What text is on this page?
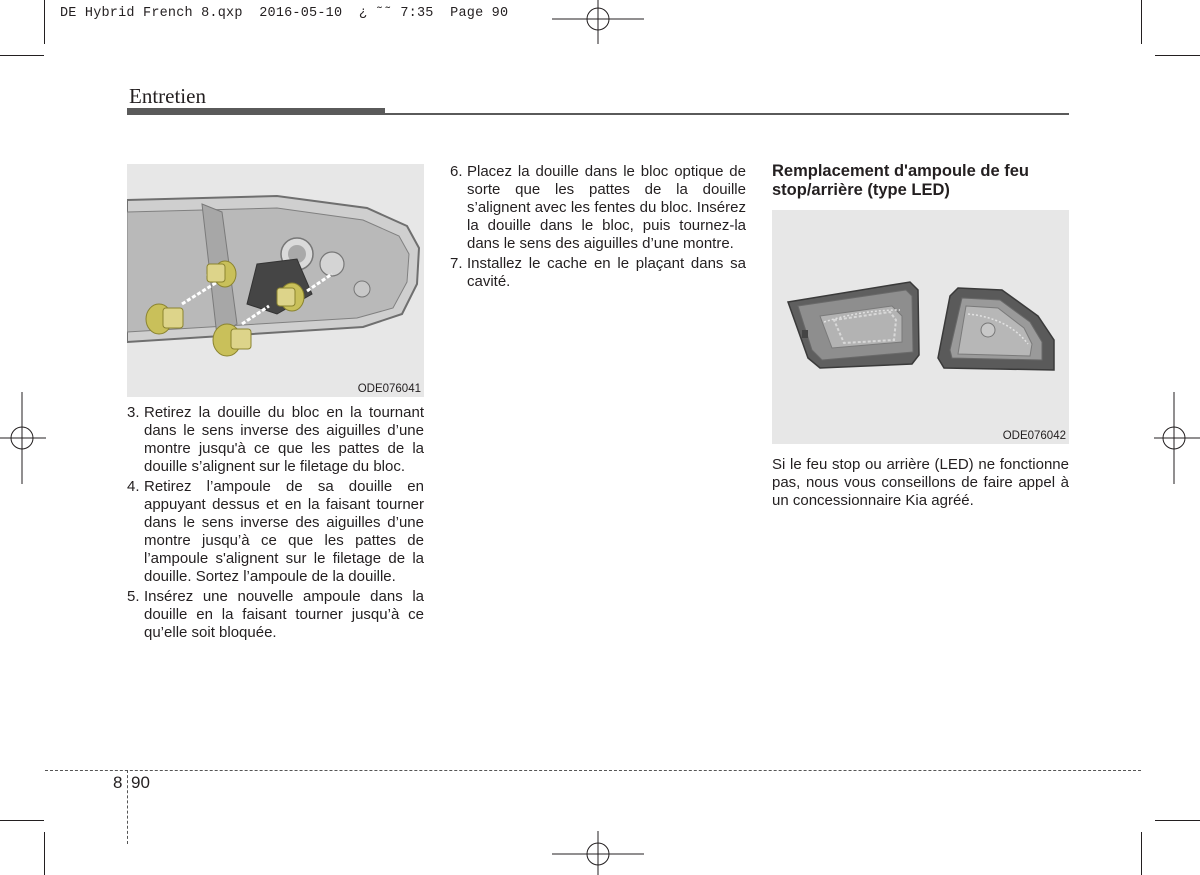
DE Hybrid French 8.qxp  2016-05-10  ¿ ˜˜ 7:35  Page 90
Entretien
ODE076041
3. Retirez la douille du bloc en la tournant dans le sens inverse des aiguilles d’une montre jusqu'à ce que les pattes de la douille s’alignent sur le filetage du bloc.
4. Retirez l’ampoule de sa douille en appuyant dessus et en la faisant tourner dans le sens inverse des aiguilles d’une montre jusqu’à ce que les pattes de l’ampoule s'alignent sur le filetage de la douille. Sortez l’ampoule de la douille.
5. Insérez une nouvelle ampoule dans la douille en la faisant tourner jusqu’à ce qu’elle soit bloquée.
6. Placez la douille dans le bloc optique de sorte que les pattes de la douille s’alignent avec les fentes du bloc. Insérez la douille dans le bloc, puis tournez-la dans le sens des aiguilles d’une montre.
7. Installez le cache en le plaçant dans sa cavité.
Remplacement d'ampoule de feu stop/arrière (type LED)
ODE076042
Si le feu stop ou arrière (LED) ne fonctionne pas, nous vous conseillons de faire appel à un concessionnaire Kia agréé.
8 90
